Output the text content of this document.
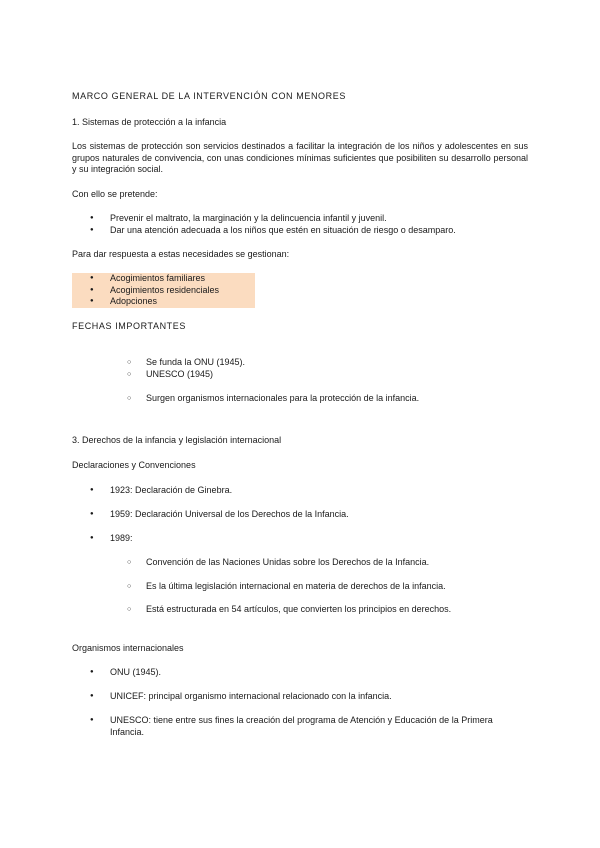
MARCO GENERAL DE LA INTERVENCIÓN CON MENORES

1. Sistemas de protección a la infancia

Los sistemas de protección son servicios destinados a facilitar la integración de los niños y adolescentes en sus grupos naturales de convivencia, con unas condiciones mínimas suficientes que posibiliten su desarrollo personal y su integración social.

Con ello se pretende:

● Prevenir el maltrato, la marginación y la delincuencia infantil y juvenil.
● Dar una atención adecuada a los niños que estén en situación de riesgo o desamparo.

Para dar respuesta a estas necesidades se gestionan:

● Acogimientos familiares
● Acogimientos residenciales
● Adopciones

FECHAS IMPORTANTES

○ Se funda la ONU (1945).
○ UNESCO (1945)
○ Surgen organismos internacionales para la protección de la infancia.

3. Derechos de la infancia y legislación internacional

Declaraciones y Convenciones

● 1923: Declaración de Ginebra.
● 1959: Declaración Universal de los Derechos de la Infancia.
● 1989:
○ Convención de las Naciones Unidas sobre los Derechos de la Infancia.
○ Es la última legislación internacional en materia de derechos de la infancia.
○ Está estructurada en 54 artículos, que convierten los principios en derechos.

Organismos internacionales

● ONU (1945).
● UNICEF: principal organismo internacional relacionado con la infancia.
● UNESCO: tiene entre sus fines la creación del programa de Atención y Educación de la Primera Infancia.
